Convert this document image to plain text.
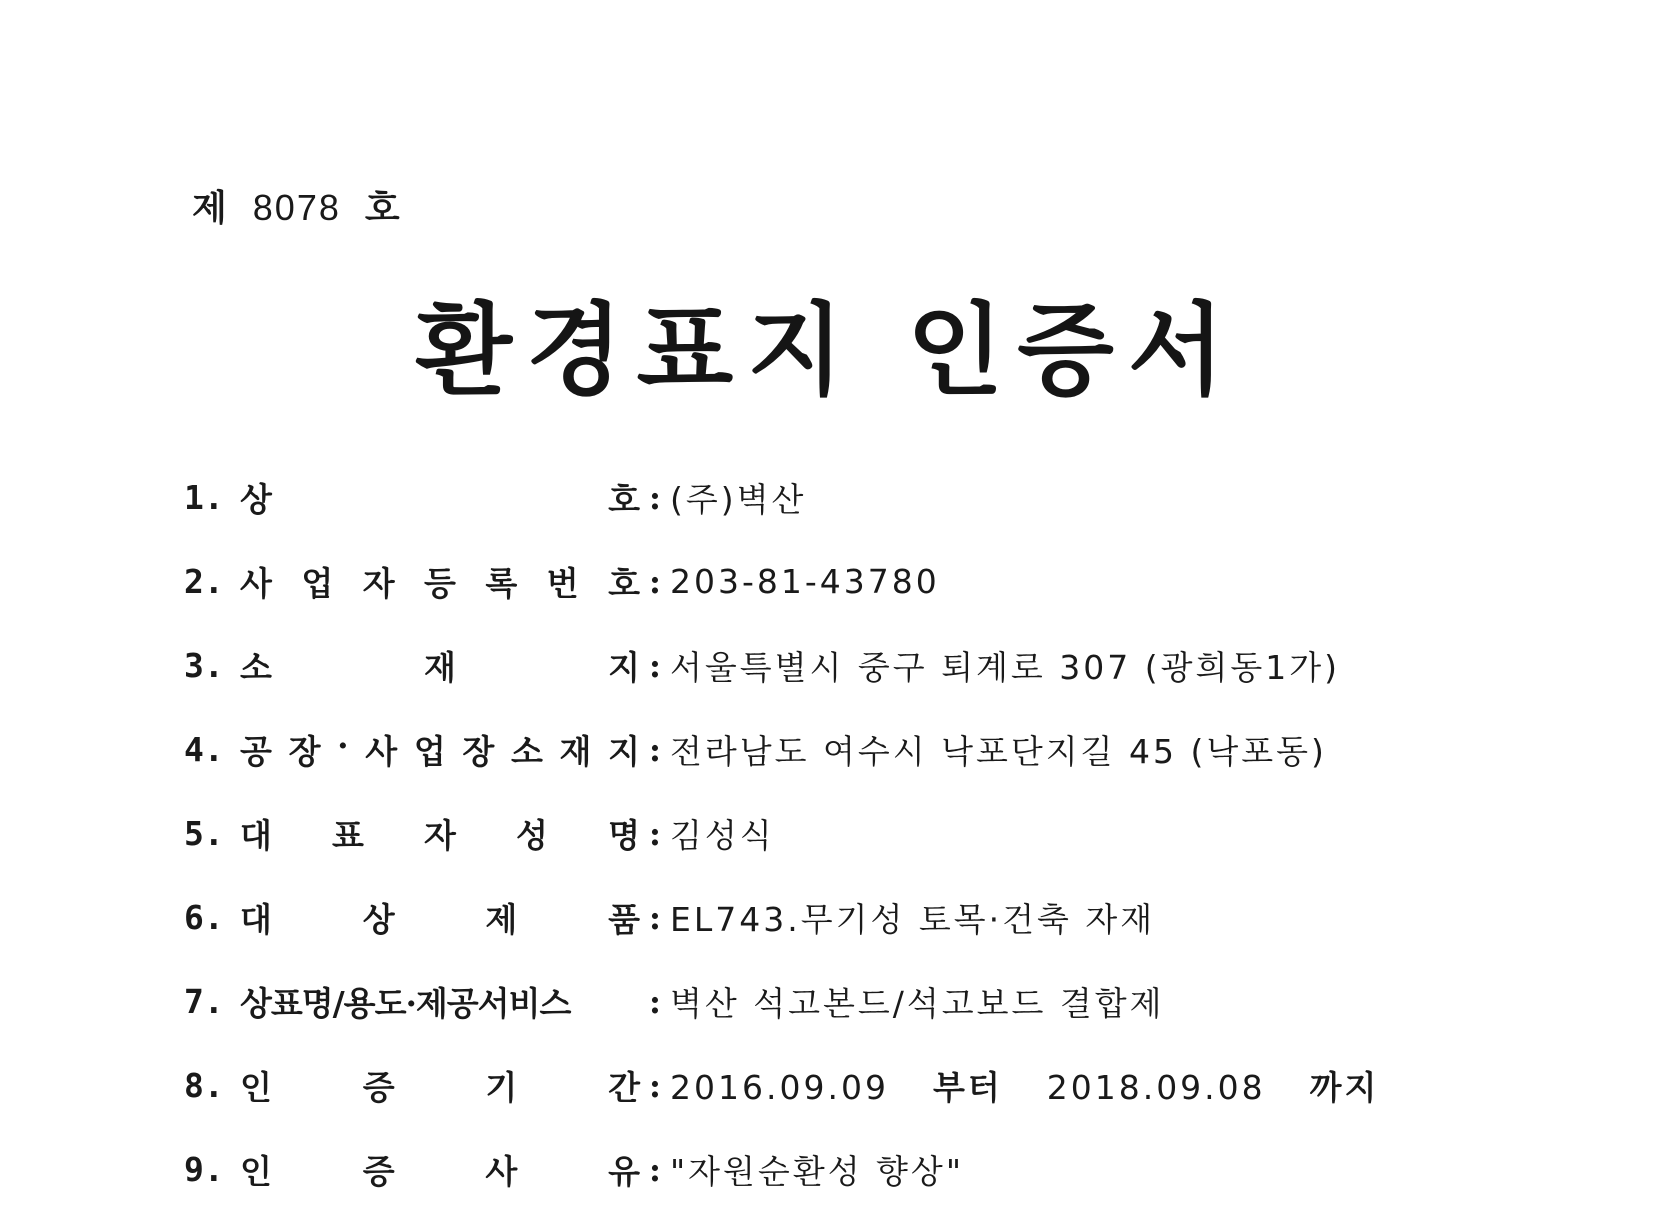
제 8078 호
환경표지 인증서
1. 상	호 : (주)벽산
2. 사 업 자 등 록 번 호 : 203-81-43780
3. 소	재	지 : 서울특별시 중구 퇴계로 307 (광희동1가)
4. 공 장 · 사 업 장 소 재 지 : 전라남도 여수시 낙포단지길 45 (낙포동)
5. 대 표 자 성 명 : 김성식
6. 대	상	제	품 : EL743.무기성 토목·건축 자재
7. 상표명/용도·제공서비스 : 벽산 석고본드/석고보드 결합제
8. 인	증	기	간 : 2016.09.09 부터 2018.09.08 까지
9. 인	증	사	유 : "자원순환성 향상"
